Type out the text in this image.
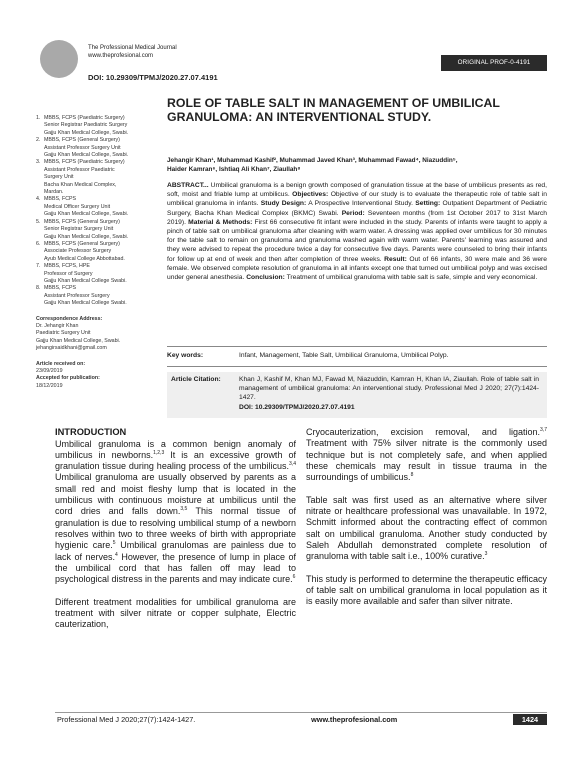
The Professional Medical Journal
www.theprofesional.com
DOI: 10.29309/TPMJ/2020.27.07.4191
ORIGINAL PROF-0-4191
1. MBBS, FCPS (Paediatric Surgery)
Senior Registrar Paediatric Surgery
Gajju Khan Medical College, Swabi.
2. MBBS, FCPS (General Surgery)
Assistant Professor Surgery Unit
Gajju Khan Medical College, Swabi.
3. MBBS, FCPS (Paediatric Surgery)
Assistant Professor Paediatric
Surgery Unit
Bacha Khan Medical Complex,
Mardan.
4. MBBS, FCPS
Medical Officer Surgery Unit
Gajju Khan Medical College, Swabi.
5. MBBS, FCPS (General Surgery)
Senior Registrar Surgery Unit
Gajju Khan Medical College, Swabi.
6. MBBS, FCPS (General Surgery)
Associate Professor Surgery
Ayub Medical College Abbottabad.
7. MBBS, FCPS, HPE
Professor of Surgery
Gajju Khan Medical College Swabi.
8. MBBS, FCPS
Assistant Professor Surgery
Gajju Khan Medical College Swabi.
Correspondence Address:
Dr. Jehangir Khan
Paediatric Surgery Unit
Gajju Khan Medical College, Swabi.
jehangirsaidkhani@gmail.com
Article received on:
23/09/2019
Accepted for publication:
18/12/2019
ROLE OF TABLE SALT IN MANAGEMENT OF UMBILICAL
GRANULOMA: AN INTERVENTIONAL STUDY.
Jehangir Khan¹, Muhammad Kashif², Muhammad Javed Khan³, Muhammad Fawad⁴, Niazuddin⁵,
Haider Kamran⁶, Ishtiaq Ali Khan⁷, Ziaullah⁸
ABSTRACT... Umbilical granuloma is a benign growth composed of granulation tissue at the base of umbilicus presents as red, soft, moist and friable lump at umbilicus. Objectives: Objective of our study is to evaluate the therapeutic role of table salt in umbilical granuloma in infants. Study Design: A Prospective Interventional Study. Setting: Outpatient Department of Pediatric Surgery, Bacha Khan Medical Complex (BKMC) Swabi. Period: Seventeen months (from 1st October 2017 to 31st March 2019). Material & Methods: First 66 consecutive fit infant were included in the study. Parents of infants were taught to apply a pinch of table salt on umbilical granuloma after cleaning with warm water. A dressing was applied over umbilicus for 30 minutes for the table salt to remain on granuloma and granuloma washed again with warm water. Parents' learning was assured and they were advised to repeat the procedure twice a day for consecutive five days. Parents were counseled to bring their infants for follow up at end of week and then after completion of three weeks. Result: Out of 66 infants, 30 were male and 36 were female. We observed complete resolution of granuloma in all infants except one that turned out umbilical polyp and was excised under general anesthesia. Conclusion: Treatment of umbilical granuloma with table salt is safe, simple and very economical.
Key words:	Infant, Management, Table Salt, Umbilical Granuloma, Umbilical Polyp.
Article Citation:	Khan J, Kashif M, Khan MJ, Fawad M, Niazuddin, Kamran H, Khan IA, Ziaullah. Role of table salt in management of umbilical granuloma: An interventional study. Professional Med J 2020; 27(7):1424-1427.
DOI: 10.29309/TPMJ/2020.27.07.4191
INTRODUCTION

Umbilical granuloma is a common benign anomaly of umbilicus in newborns.$^{1,2,3}$ It is an excessive growth of granulation tissue during healing process of the umbilicus.$^{3,4}$ Umbilical granuloma are usually observed by parents as a small red and moist fleshy lump that is located in the umbilicus with continuous moisture at umbilicus until the cord dries and falls down.$^{3,5}$ This normal tissue of granulation is due to resolving umbilical stump of a newborn resolves within two to three weeks of birth with appropriate hygienic care.$^5$ Umbilical granulomas are painless due to lack of nerves.$^4$ However, the presence of lump in place of the umbilical cord that has fallen off may lead to psychological distress in the parents and may indicate cure.$^6$

Different treatment modalities for umbilical granuloma are treatment with silver nitrate or copper sulphate, Electric cauterization,

Cryocauterization, excision removal, and ligation.$^{3,7}$ Treatment with 75% silver nitrate is the commonly used technique but is not completely safe, and when applied these chemicals may result in tissue trauma in the surroundings of umbilicus.$^8$

Table salt was first used as an alternative where silver nitrate or healthcare professional was unavailable. In 1972, Schmitt informed about the contracting effect of common salt on umbilical granuloma. Another study conducted by Saleh Abdullah demonstrated complete resolution of granuloma with table salt i.e., 100% curative.$^3$

This study is performed to determine the therapeutic efficacy of table salt on umbilical granuloma in local population as it is easily more available and safer than silver nitrate.

Professional Med J 2020;27(7):1424-1427.	www.theprofesional.com	1424
